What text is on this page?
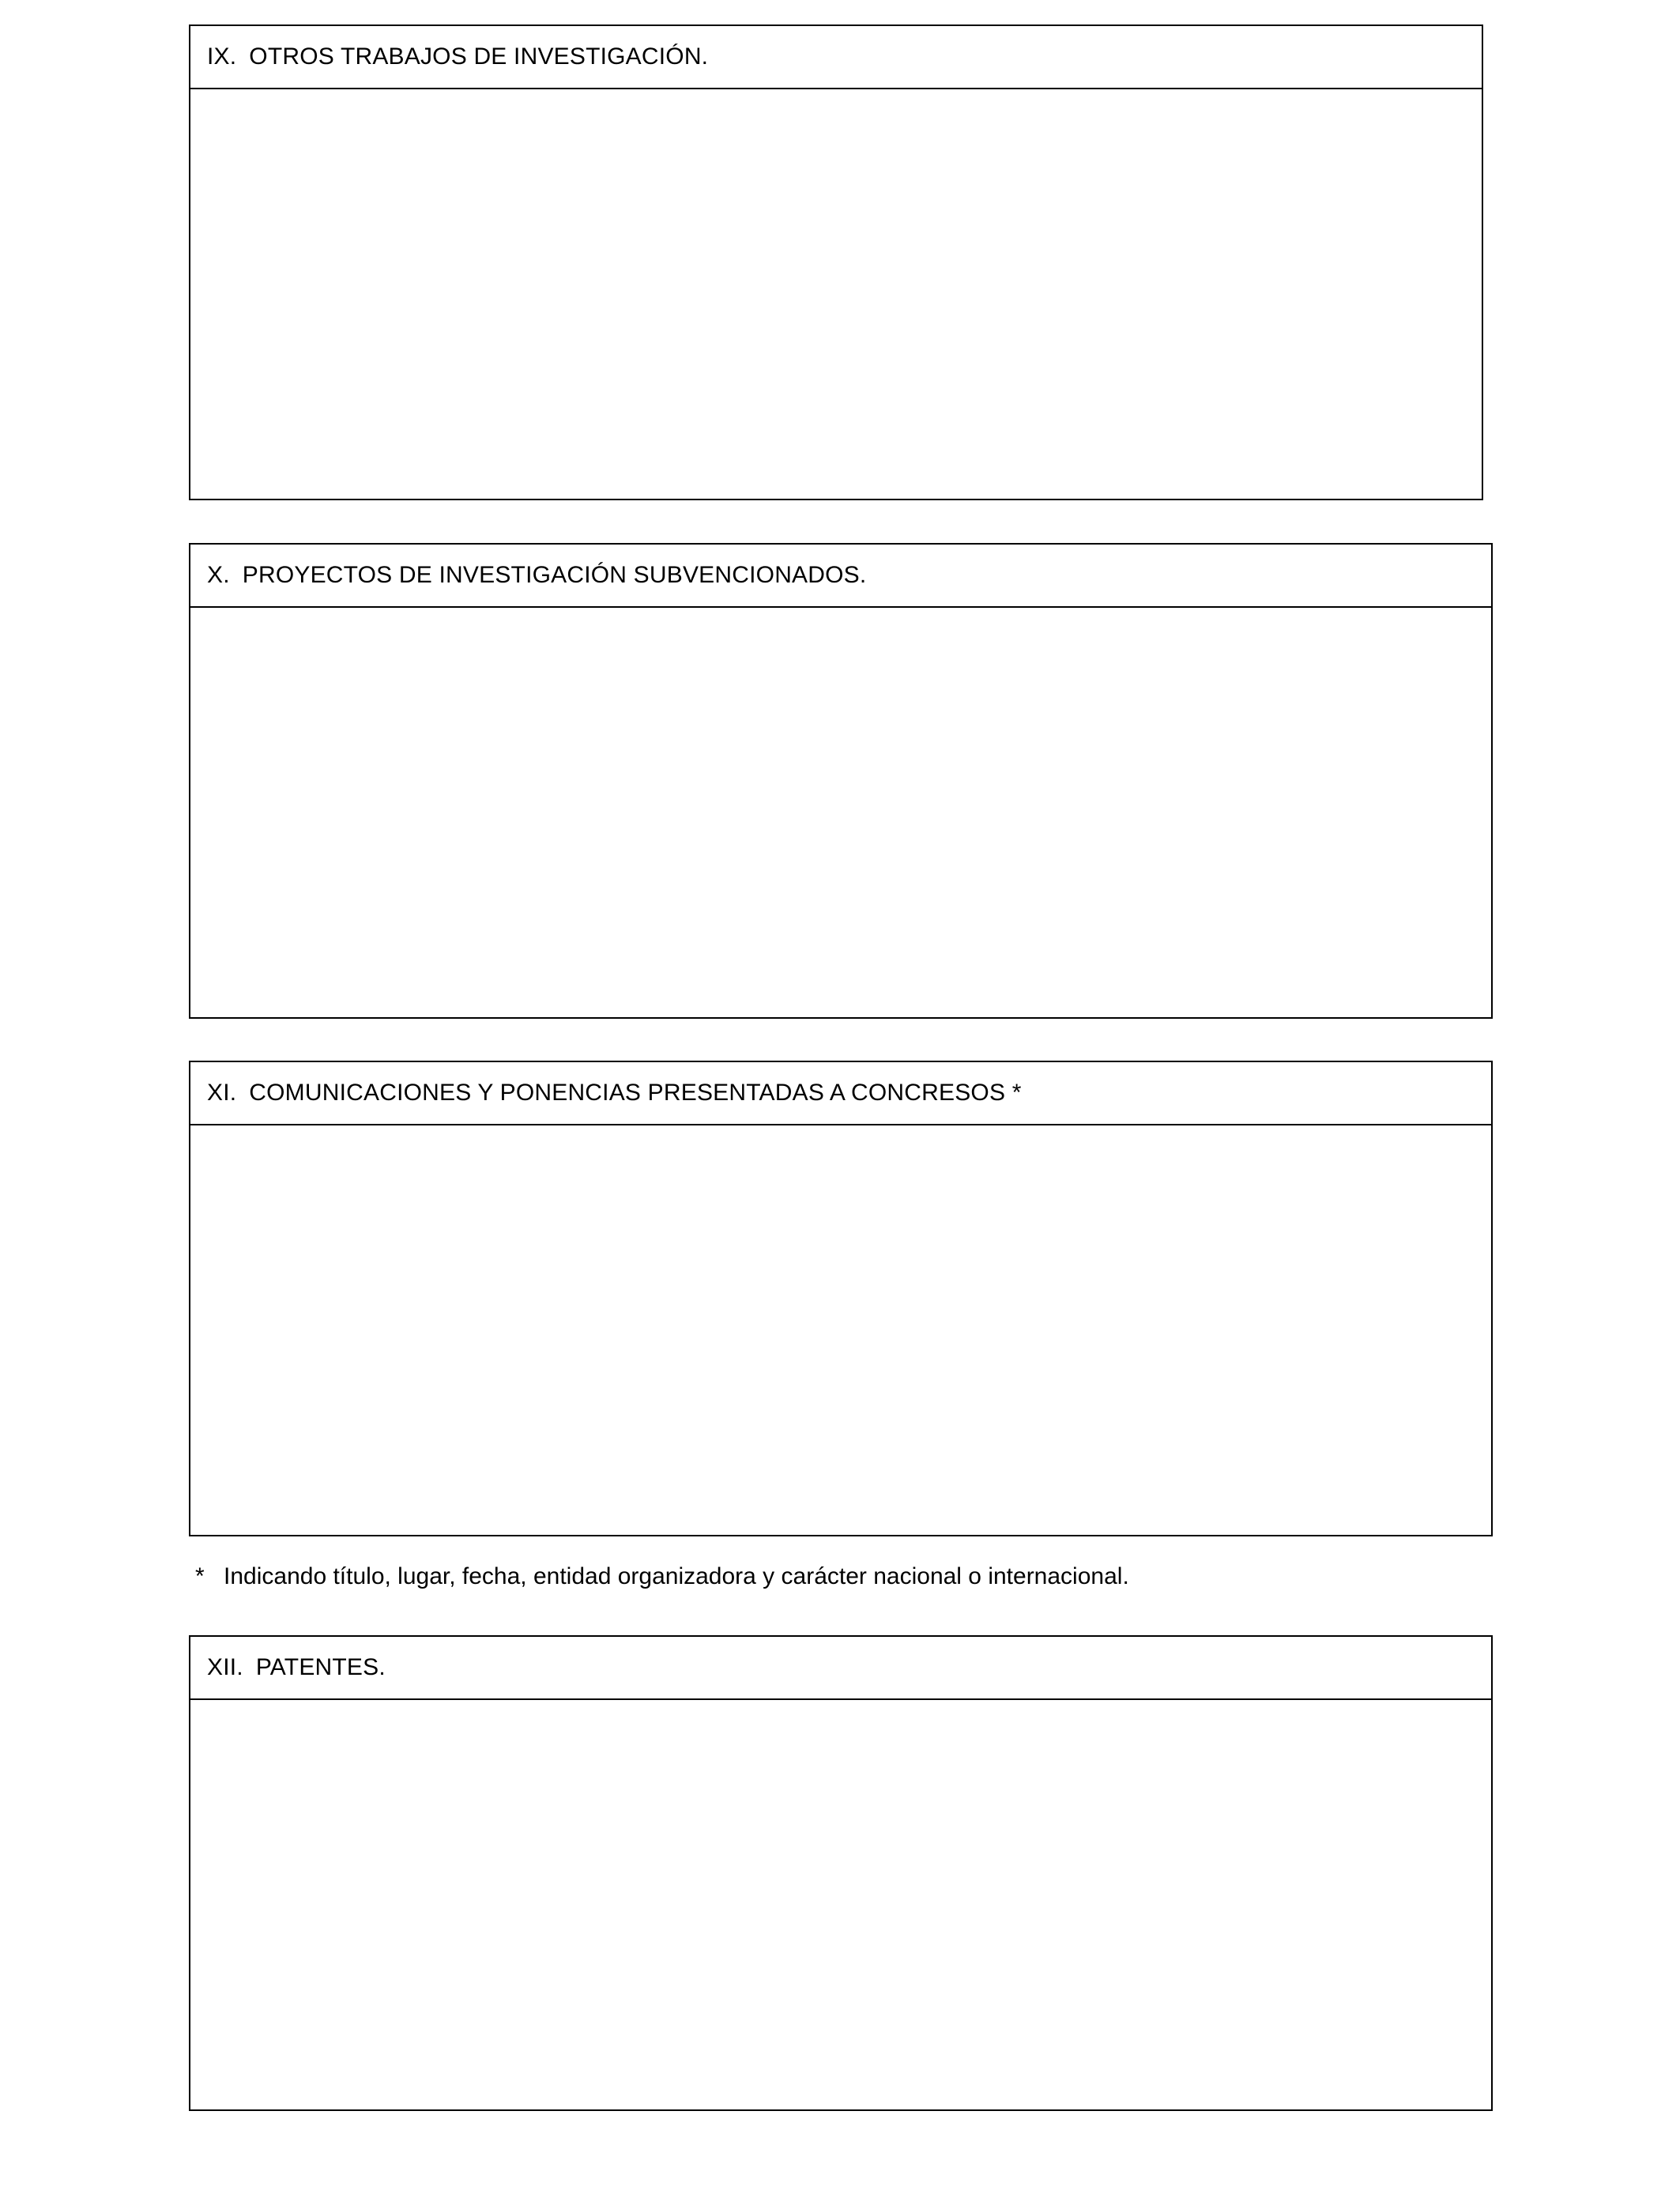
IX. OTROS TRABAJOS DE INVESTIGACIÓN.
X. PROYECTOS DE INVESTIGACIÓN SUBVENCIONADOS.
XI. COMUNICACIONES Y PONENCIAS PRESENTADAS A CONCRESOS *
* Indicando título, lugar, fecha, entidad organizadora y carácter nacional o internacional.
XII. PATENTES.
